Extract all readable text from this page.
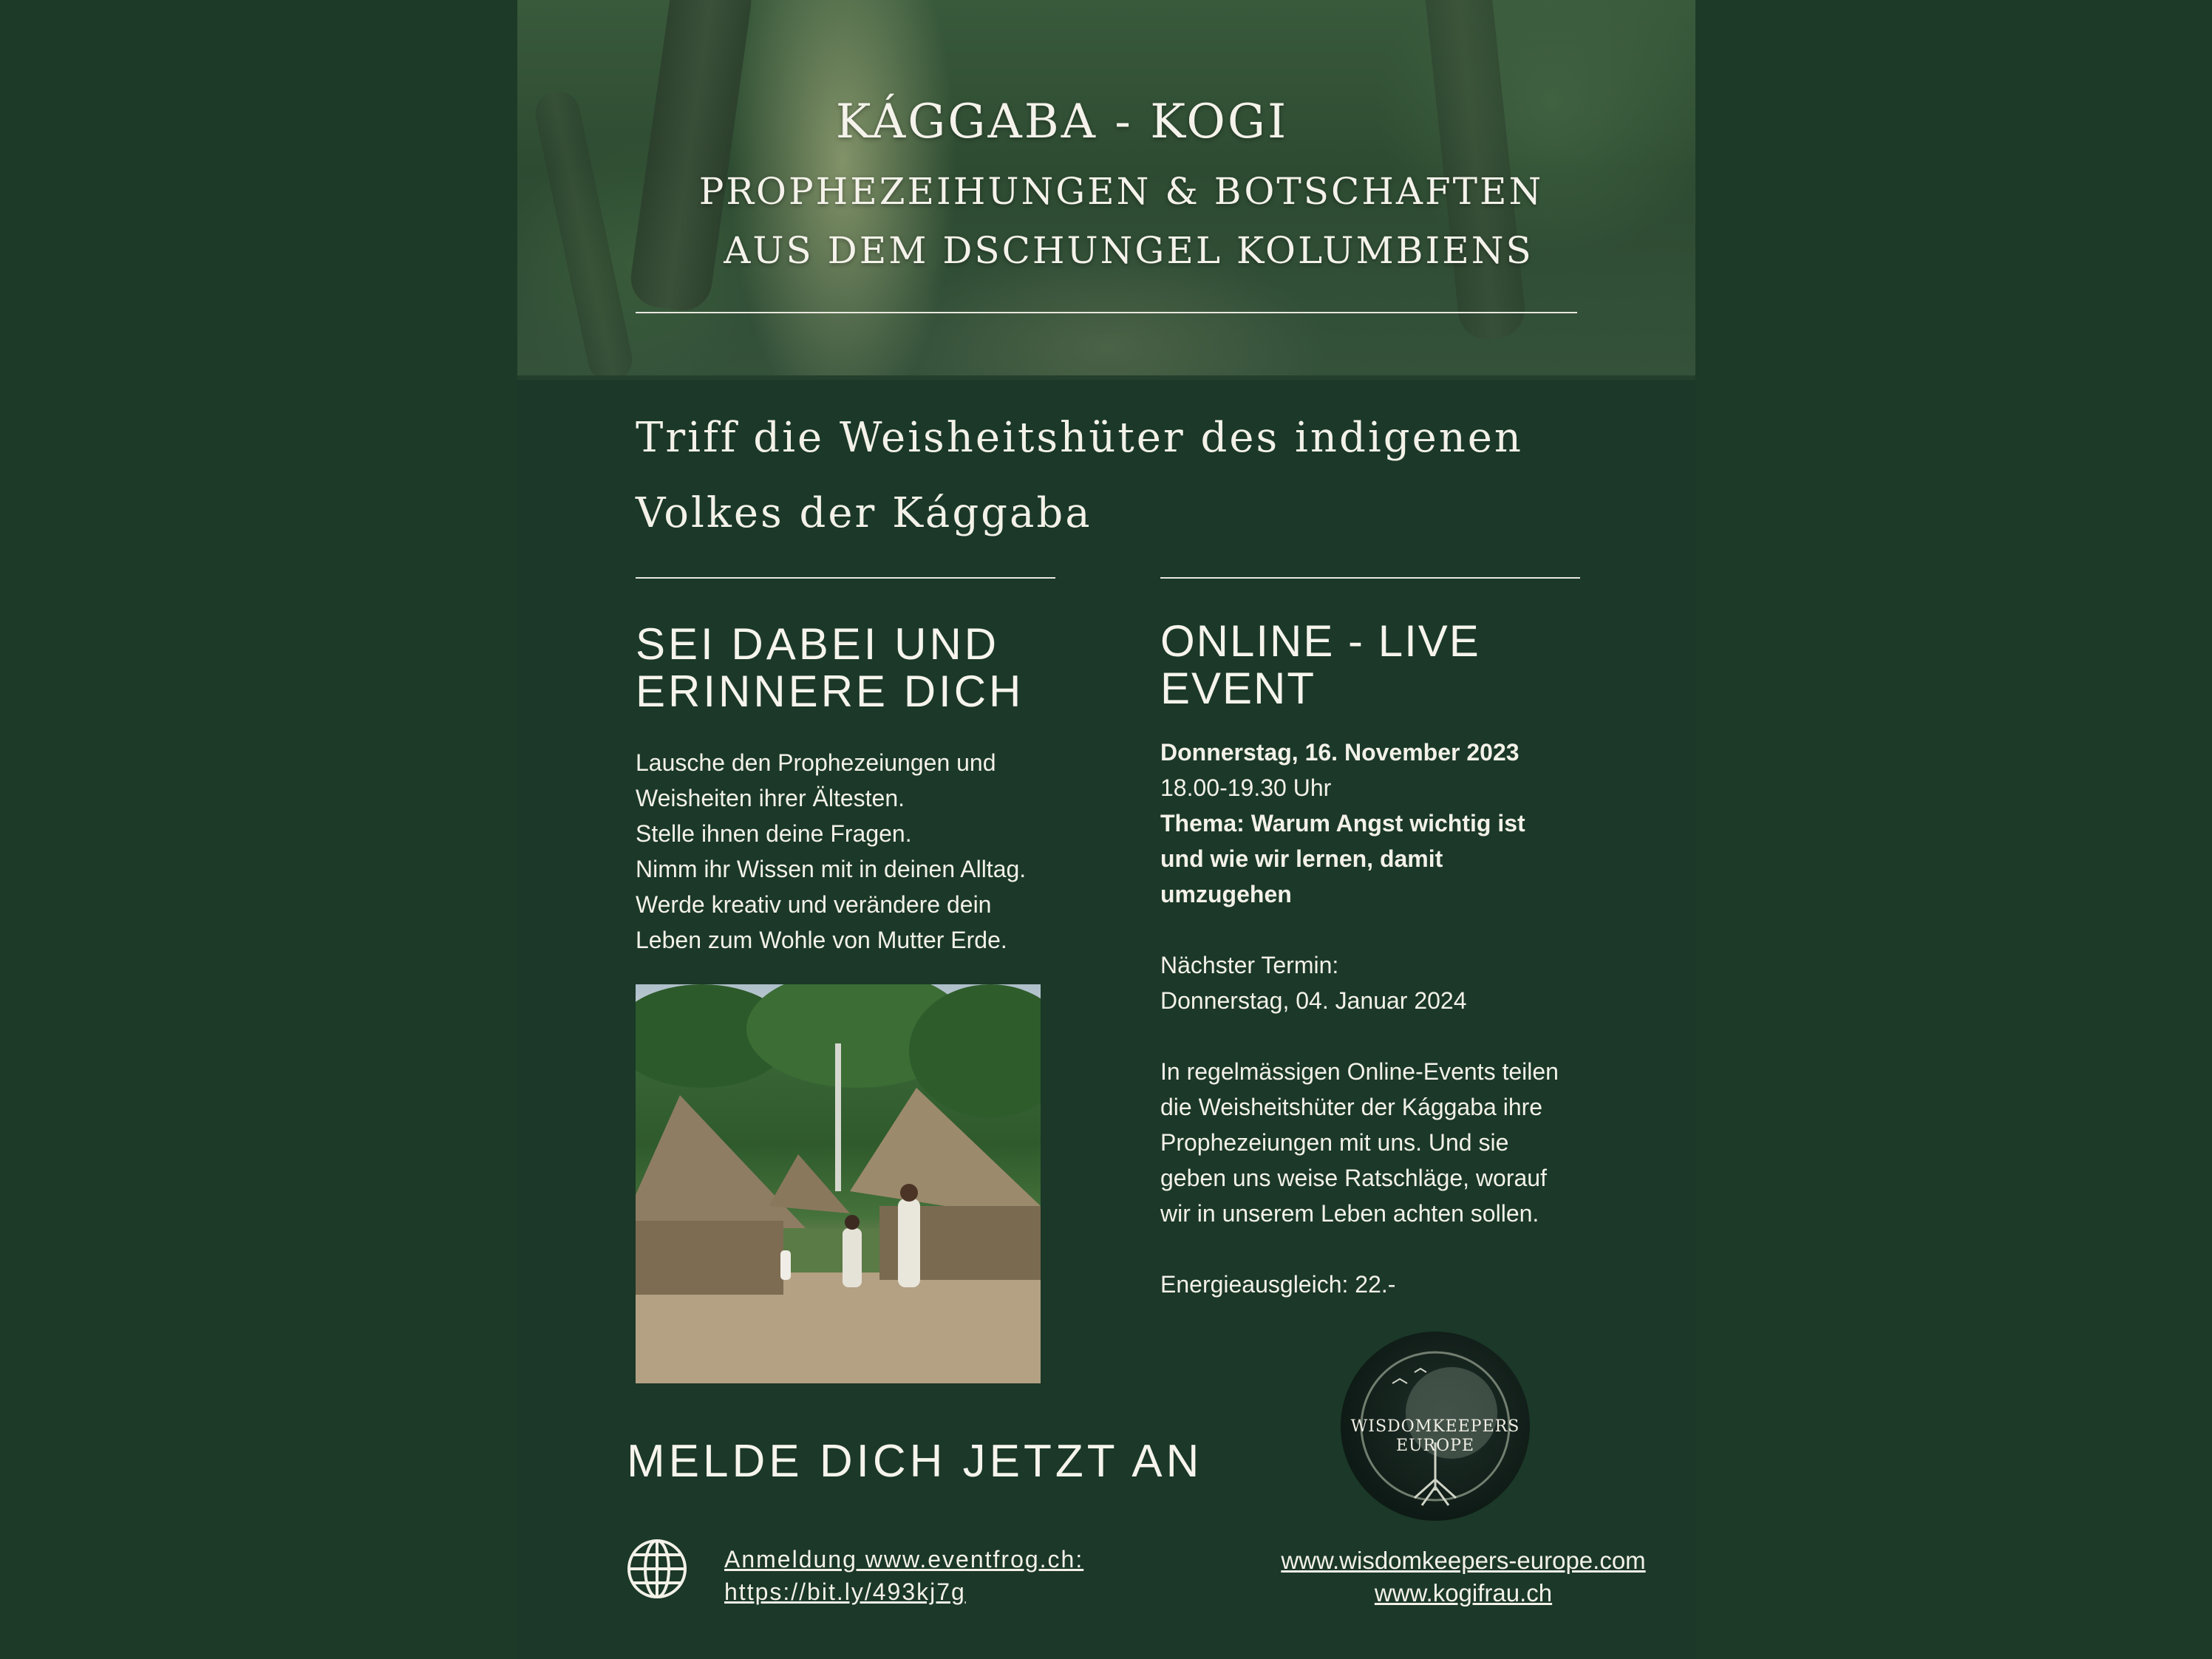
KÁGGABA - KOGI
PROPHEZEIHUNGEN & BOTSCHAFTEN
AUS DEM DSCHUNGEL KOLUMBIENS
Triff die Weisheitshüter des indigenen
Volkes der Kággaba
SEI DABEI UND
ERINNERE DICH
Lausche den Prophezeiungen und
Weisheiten ihrer Ältesten.
Stelle ihnen deine Fragen.
Nimm ihr Wissen mit in deinen Alltag.
Werde kreativ und verändere dein
Leben zum Wohle von Mutter Erde.
ONLINE - LIVE
EVENT
Donnerstag, 16. November 2023
18.00-19.30 Uhr
Thema: Warum Angst wichtig ist
und wie wir lernen, damit
umzugehen
Nächster Termin:
Donnerstag, 04. Januar 2024
In regelmässigen Online-Events teilen
die Weisheitshüter der Kággaba ihre
Prophezeiungen mit uns. Und sie
geben uns weise Ratschläge, worauf
wir in unserem Leben achten sollen.
Energieausgleich: 22.-
MELDE DICH JETZT AN
Anmeldung www.eventfrog.ch:
https://bit.ly/493kj7g
WISDOMKEEPERS
EUROPE
www.wisdomkeepers-europe.com
www.kogifrau.ch
